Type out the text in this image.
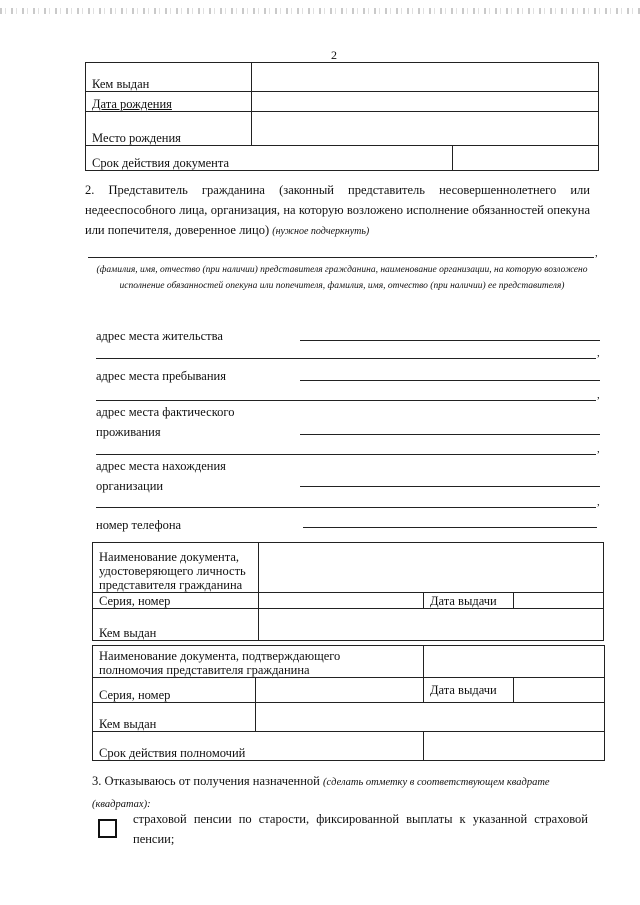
2
Кем выдан		
Дата рождения		
Место рождения		
Срок действия документа		
2. Представитель гражданина (законный представитель несовершеннолетнего или недееспособного лица, организация, на которую возложено исполнение обязанностей опекуна или попечителя, доверенное лицо) (нужное подчеркнуть)
,
(фамилия, имя, отчество (при наличии) представителя гражданина, наименование организации, на которую возложено исполнение обязанностей опекуна или попечителя, фамилия, имя, отчество (при наличии) ее представителя)
адрес места жительства
,
адрес места пребывания
,
адрес места фактического
проживания
,
адрес места нахождения
организации
,
номер телефона
Наименование документа,
удостоверяющего личность
представителя гражданина			

Серия, номер		Дата выдачи	
Кем выдан			
Наименование документа, подтверждающего
полномочия представителя гражданина			

Серия, номер		Дата выдачи	
Кем выдан			
Срок действия полномочий			
3. Отказываюсь от получения назначенной (сделать отметку в соответствующем квадрате (квадратах):
страховой пенсии по старости, фиксированной выплаты к указанной страховой пенсии;
